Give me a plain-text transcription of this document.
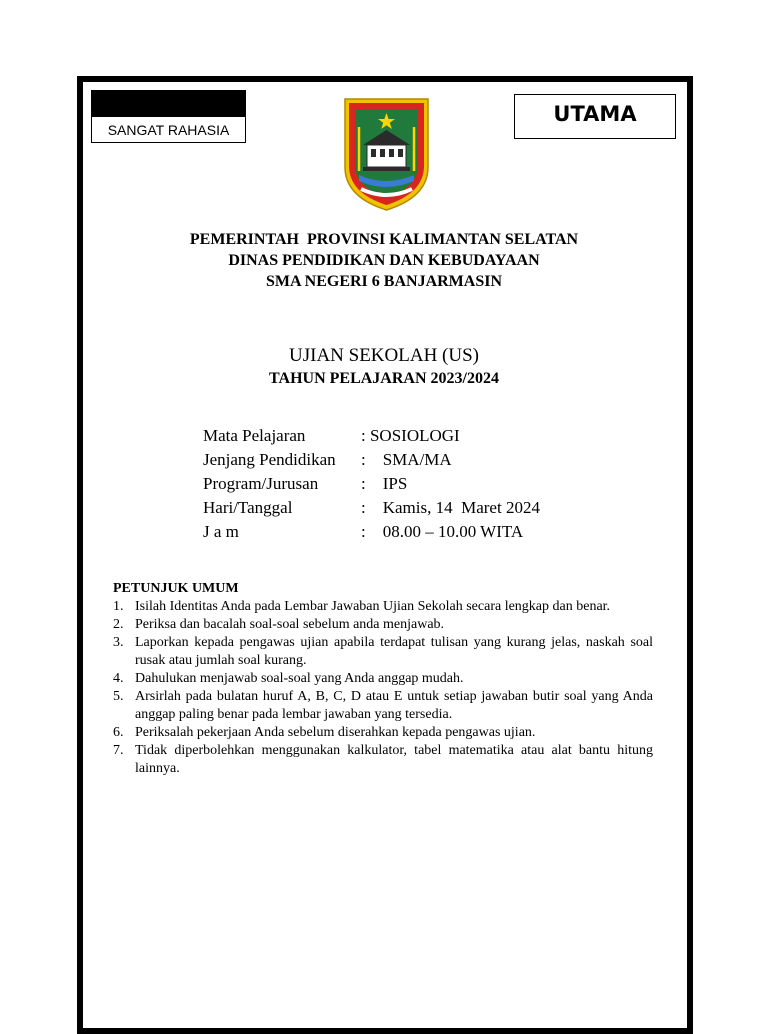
DOKUMEN NEGARA
SANGAT RAHASIA
UTAMA
PEMERINTAH  PROVINSI KALIMANTAN SELATAN
DINAS PENDIDIKAN DAN KEBUDAYAAN
SMA NEGERI 6 BANJARMASIN
UJIAN SEKOLAH (US)
TAHUN PELAJARAN 2023/2024
Mata Pelajaran	: SOSIOLOGI
Jenjang Pendidikan :    SMA/MA
Program/Jurusan	:    IPS
Hari/Tanggal	:    Kamis, 14  Maret 2024
J a m	:    08.00 – 10.00 WITA
PETUNJUK UMUM
1. Isilah Identitas Anda pada Lembar Jawaban Ujian Sekolah secara lengkap dan benar.
2. Periksa dan bacalah soal-soal sebelum anda menjawab.
3. Laporkan kepada pengawas ujian apabila terdapat tulisan yang kurang jelas, naskah soal rusak atau jumlah soal kurang.
4. Dahulukan menjawab soal-soal yang Anda anggap mudah.
5. Arsirlah pada bulatan huruf A, B, C, D atau E untuk setiap jawaban butir soal yang Anda anggap paling benar pada lembar jawaban yang tersedia.
6. Periksalah pekerjaan Anda sebelum diserahkan kepada pengawas ujian.
7. Tidak diperbolehkan menggunakan kalkulator, tabel matematika atau alat bantu hitung lainnya.
